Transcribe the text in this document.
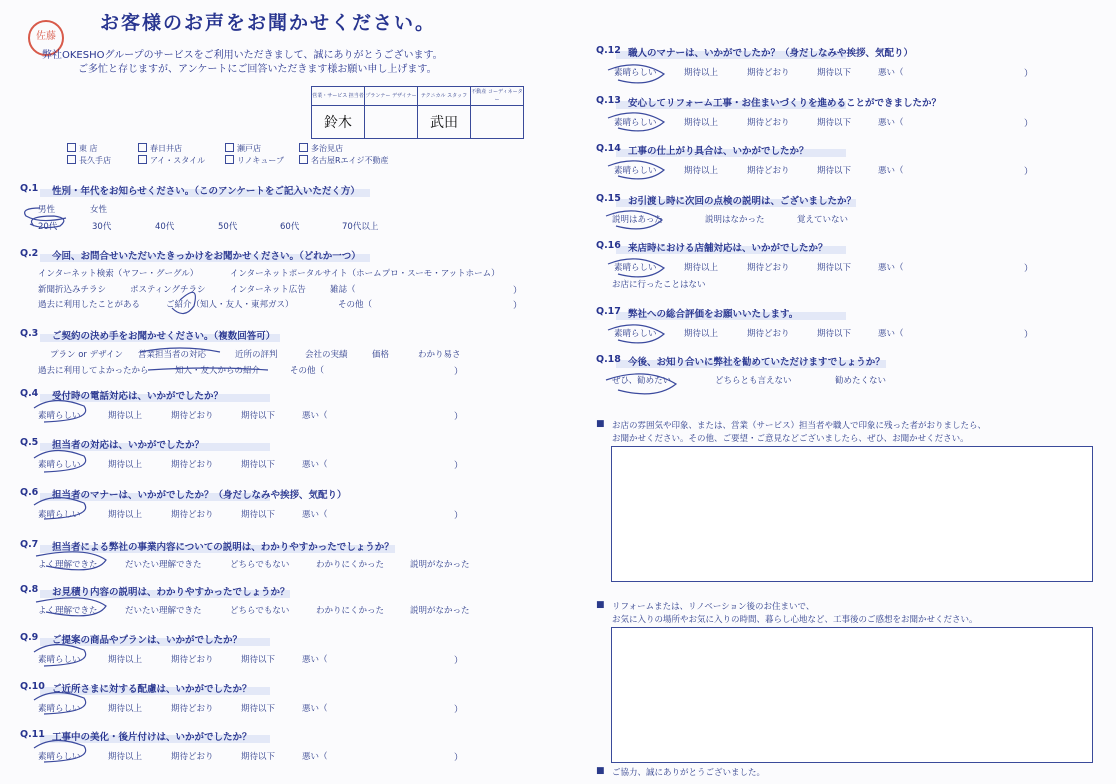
佐藤
お客様のお声をお聞かせください。
弊社OKESHOグループのサービスをご利用いただきまして、誠にありがとうございます。
ご多忙と存じますが、アンケートにご回答いただきます様お願い申し上げます。
営業・サービス 担当者	プランナー デザイナー	テクニカル スタッフ	不動産 コーディネーター
鈴木		武田	
東 店
長久手店
春日井店
アイ・スタイル
瀬戸店
リノキューブ
多治見店
名古屋Rエイジ不動産
Q.1 性別・年代をお知らせください。（このアンケートをご記入いただく方）
男性	女性
20代	30代	40代	50代	60代	70代以上
Q.2 今回、お問合せいただいたきっかけをお聞かせください。（どれか一つ）
インターネット検索（ヤフー・グーグル）	インターネットポータルサイト（ホームプロ・スーモ・アットホーム）
新聞折込みチラシ	ポスティングチラシ	インターネット広告	雑誌（	）
過去に利用したことがある	ご紹介（知人・友人・東邦ガス）	その他（	）
Q.3 ご契約の決め手をお聞かせください。（複数回答可）
プラン or デザイン 営業担当者の対応	近所の評判	会社の実績	価格	わかり易さ
過去に利用してよかったから	知人・友人からの紹介	その他（	）
Q.4 受付時の電話対応は、いかがでしたか？
素晴らしい	期待以上	期待どおり	期待以下	悪い（	）
Q.5 担当者の対応は、いかがでしたか？
素晴らしい	期待以上	期待どおり	期待以下	悪い（	）
Q.6 担当者のマナーは、いかがでしたか？（身だしなみや挨拶、気配り）
素晴らしい	期待以上	期待どおり	期待以下	悪い（	）
Q.9 ご提案の商品やプランは、いかがでしたか？
素晴らしい	期待以上	期待どおり	期待以下	悪い（	）
Q.10 ご近所さまに対する配慮は、いかがでしたか？
素晴らしい	期待以上	期待どおり	期待以下	悪い（	）
Q.11 工事中の美化・後片付けは、いかがでしたか？
素晴らしい	期待以上	期待どおり	期待以下	悪い（	）
Q.7 担当者による弊社の事業内容についての説明は、わかりやすかったでしょうか？
よく理解できた	だいたい理解できた	どちらでもない	わかりにくかった	説明がなかった
Q.8 お見積り内容の説明は、わかりやすかったでしょうか？
よく理解できた	だいたい理解できた	どちらでもない	わかりにくかった	説明がなかった
Q.12 職人のマナーは、いかがでしたか？（身だしなみや挨拶、気配り）
素晴らしい	期待以上	期待どおり	期待以下	悪い（	）
Q.13 安心してリフォーム工事・お住まいづくりを進めることができましたか？
素晴らしい	期待以上	期待どおり	期待以下	悪い（	）
Q.14 工事の仕上がり具合は、いかがでしたか？
素晴らしい	期待以上	期待どおり	期待以下	悪い（	）
Q.16 来店時における店舗対応は、いかがでしたか？
素晴らしい	期待以上	期待どおり	期待以下	悪い（	）
Q.17 弊社への総合評価をお願いいたします。
素晴らしい	期待以上	期待どおり	期待以下	悪い（	）
Q.15 お引渡し時に次回の点検の説明は、ございましたか？
説明はあった	説明はなかった	覚えていない
お店に行ったことはない
Q.18 今後、お知り合いに弊社を勧めていただけますでしょうか？
ぜひ、勧めたい	どちらとも言えない	勧めたくない
■ お店の雰囲気や印象、または、営業（サービス）担当者や職人で印象に残った者がおりましたら、
お聞かせください。その他、ご要望・ご意見などございましたら、ぜひ、お聞かせください。
■ リフォームまたは、リノベーション後のお住まいで、
お気に入りの場所やお気に入りの時間、暮らし心地など、工事後のご感想をお聞かせください。
■ ご協力、誠にありがとうございました。
